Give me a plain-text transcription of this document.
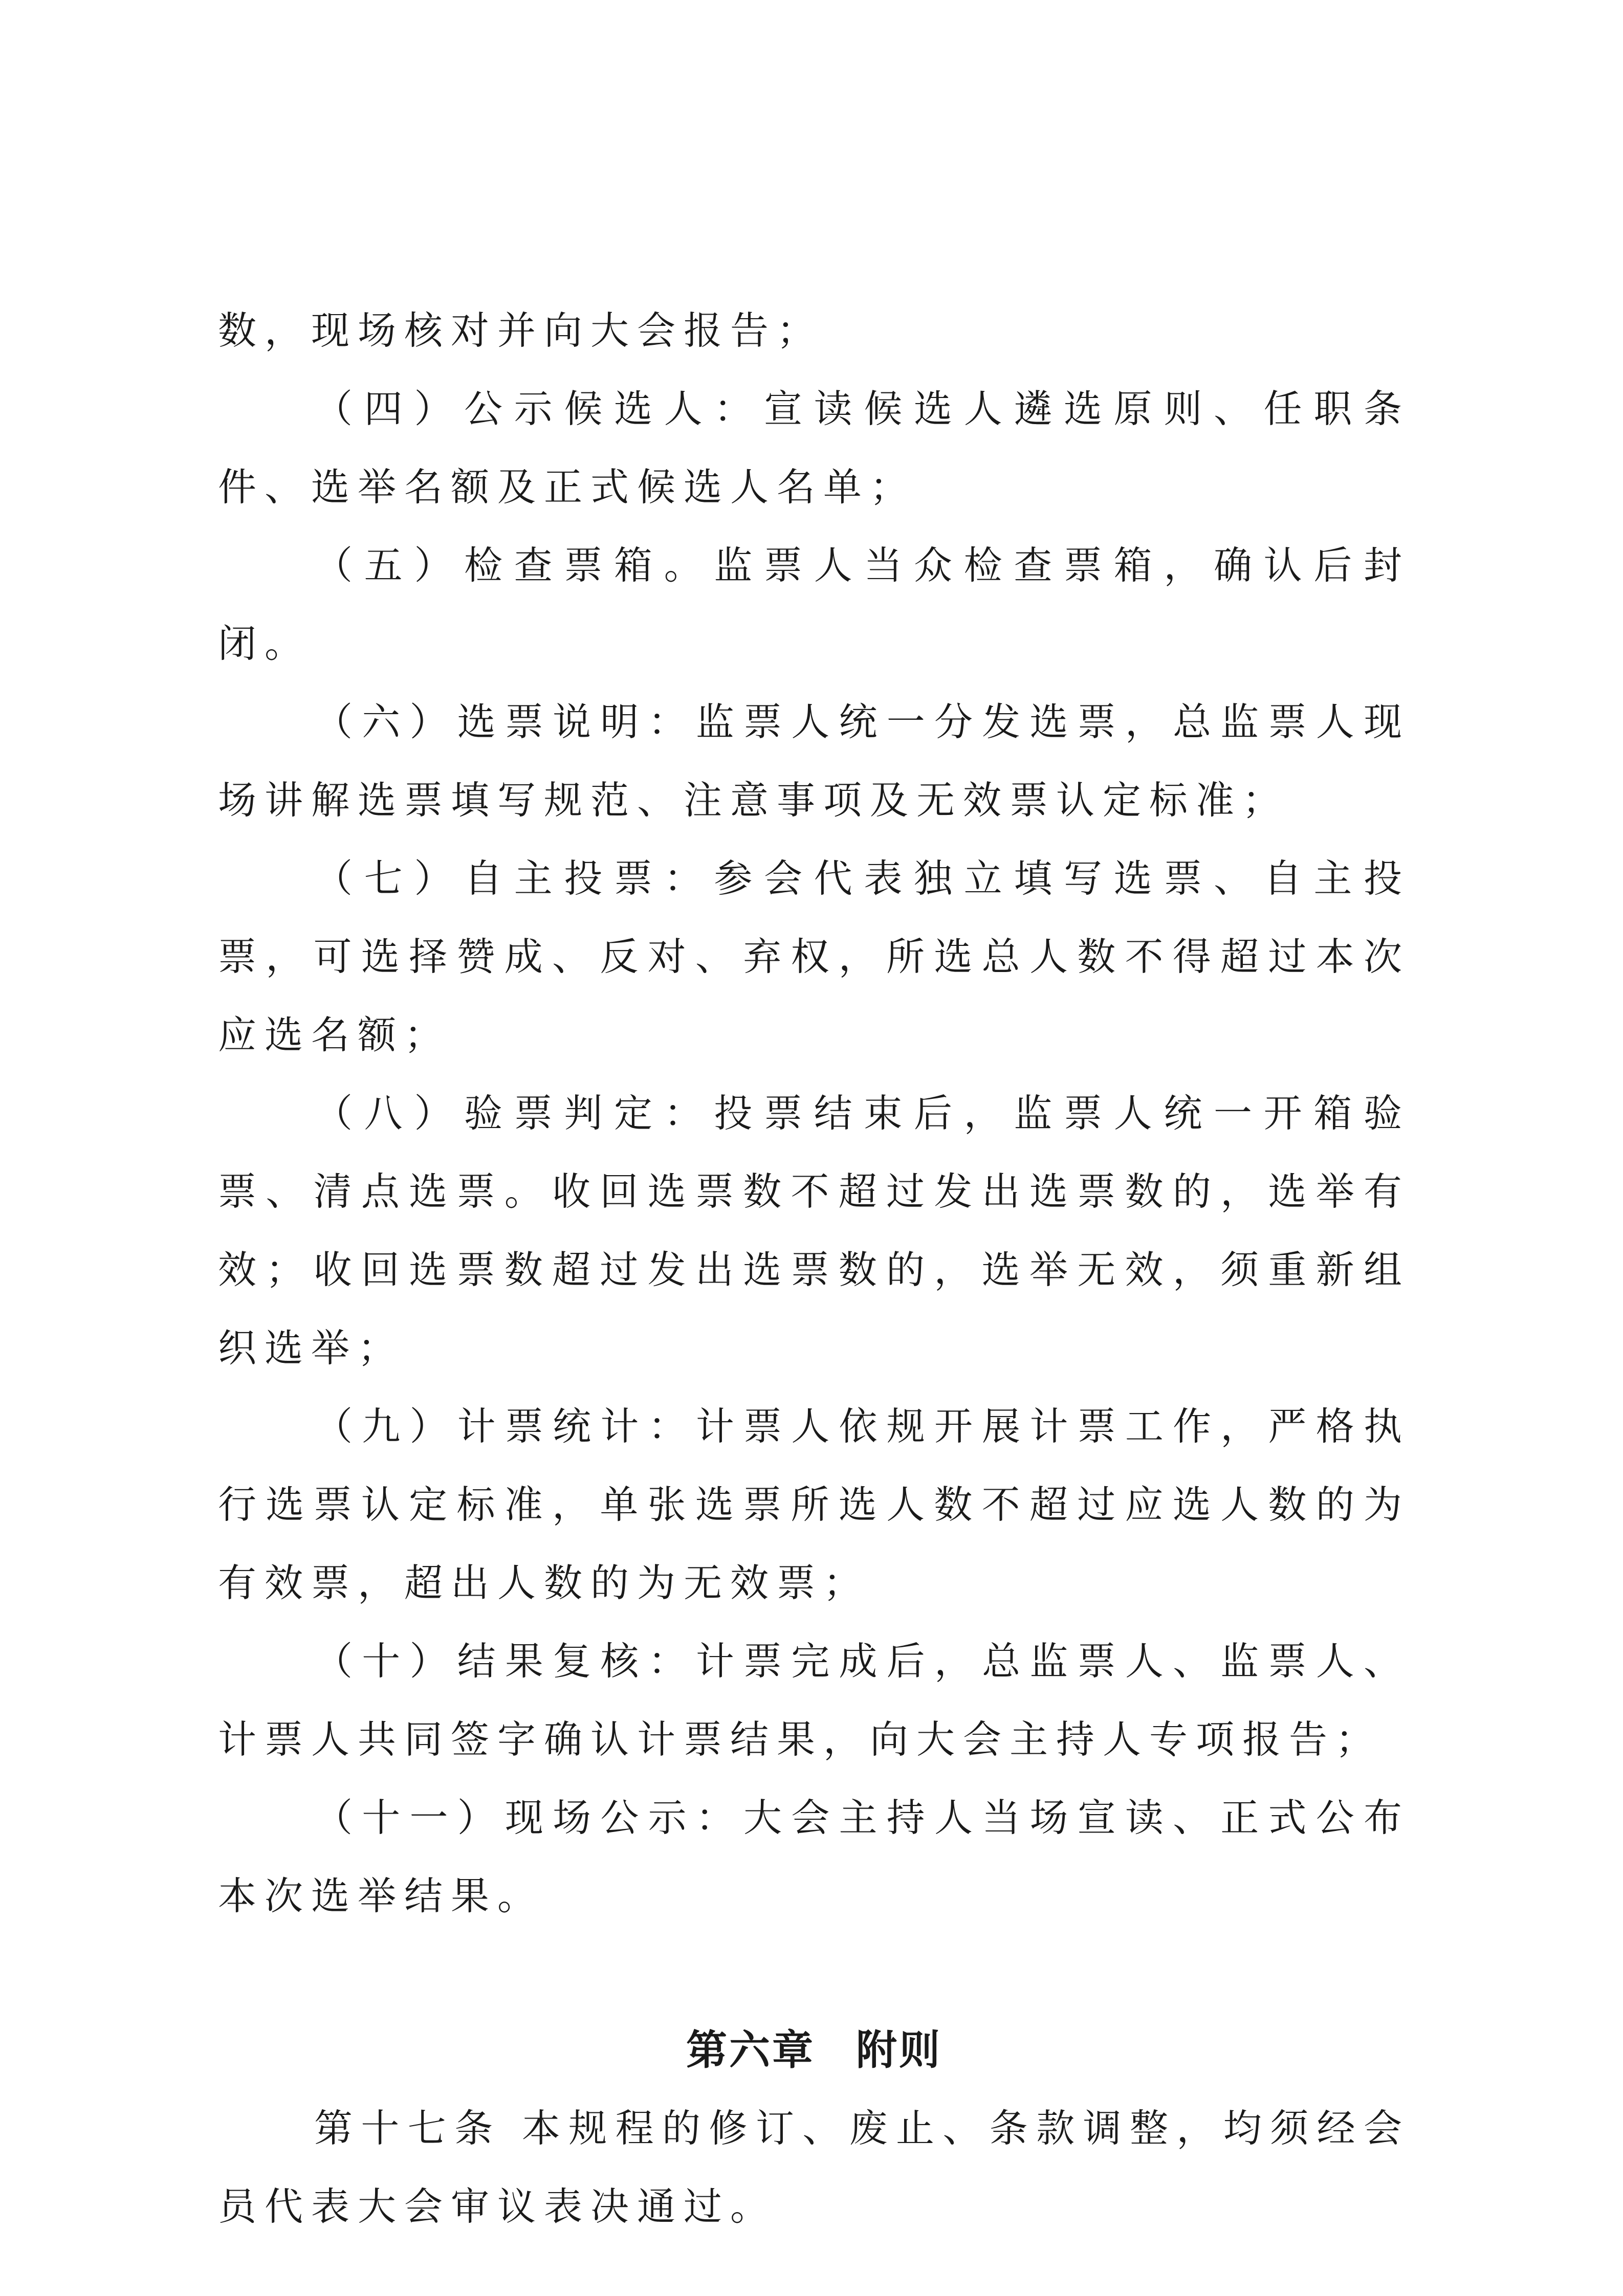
数，现场核对并向大会报告；

（四）公示候选人：宣读候选人遴选原则、任职条件、选举名额及正式候选人名单；

（五）检查票箱。监票人当众检查票箱，确认后封闭。

（六）选票说明：监票人统一分发选票，总监票人现场讲解选票填写规范、注意事项及无效票认定标准；

（七）自主投票：参会代表独立填写选票、自主投票，可选择赞成、反对、弃权，所选总人数不得超过本次应选名额；

（八）验票判定：投票结束后，监票人统一开箱验票、清点选票。收回选票数不超过发出选票数的，选举有效；收回选票数超过发出选票数的，选举无效，须重新组织选举；

（九）计票统计：计票人依规开展计票工作，严格执行选票认定标准，单张选票所选人数不超过应选人数的为有效票，超出人数的为无效票；

（十）结果复核：计票完成后，总监票人、监票人、计票人共同签字确认计票结果，向大会主持人专项报告；

（十一）现场公示：大会主持人当场宣读、正式公布本次选举结果。

第六章 附则

第十七条 本规程的修订、废止、条款调整，均须经会员代表大会审议表决通过。
